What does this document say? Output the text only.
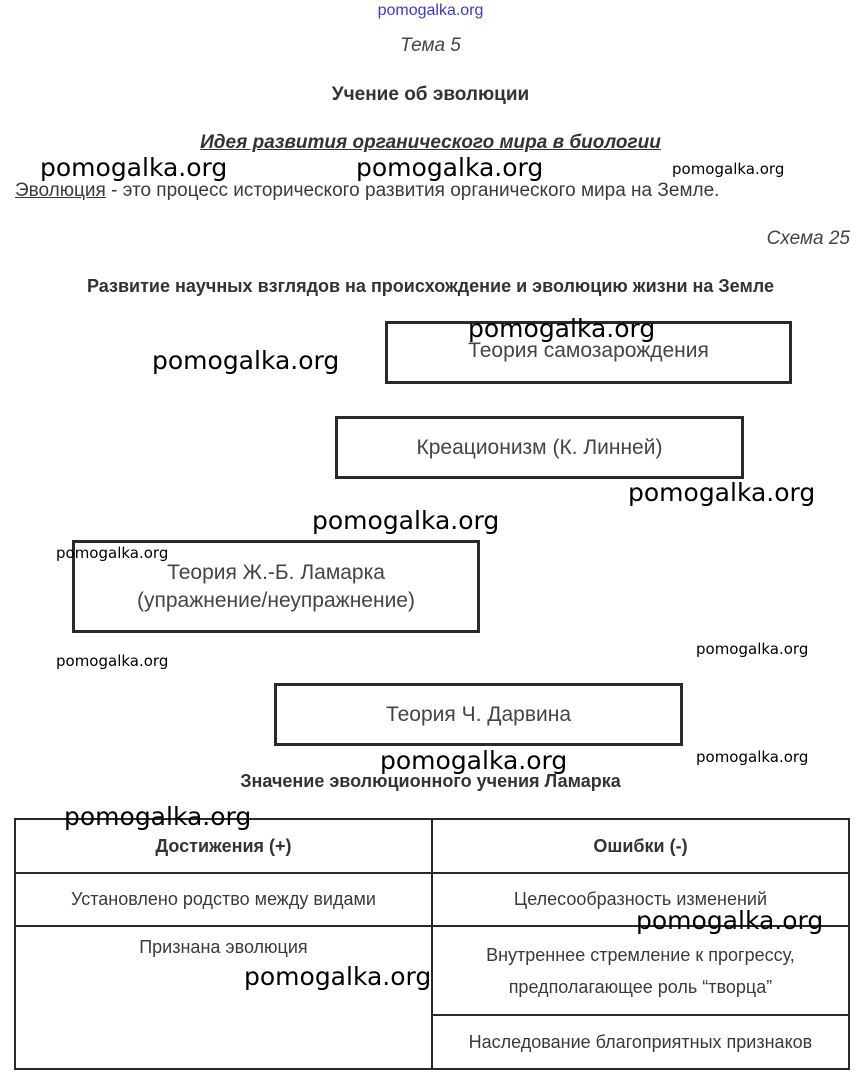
pomogalka.org
Тема 5
Учение об эволюции
Идея развития органического мира в биологии
Эволюция - это процесс исторического развития органического мира на Земле.
Схема 25
Развитие научных взглядов на происхождение и эволюцию жизни на Земле
Теория самозарождения
Креационизм (К. Линней)
Теория Ж.-Б. Ламарка
(упражнение/неупражнение)
Теория Ч. Дарвина
Значение эволюционного учения Ламарка
Достижения (+)	Ошибки (-)
Установлено родство между видами	Целесообразность изменений

Признана эволюция	Внутреннее стремление к прогрессу,
предполагающее роль “творца”

	Наследование благоприятных признаков
pomogalka.org	pomogalka.org	pomogalka.org
pomogalka.org
pomogalka.org
pomogalka.org
pomogalka.org
pomogalka.org
pomogalka.org
pomogalka.org
pomogalka.org	pomogalka.org
pomogalka.org
pomogalka.org
pomogalka.org
